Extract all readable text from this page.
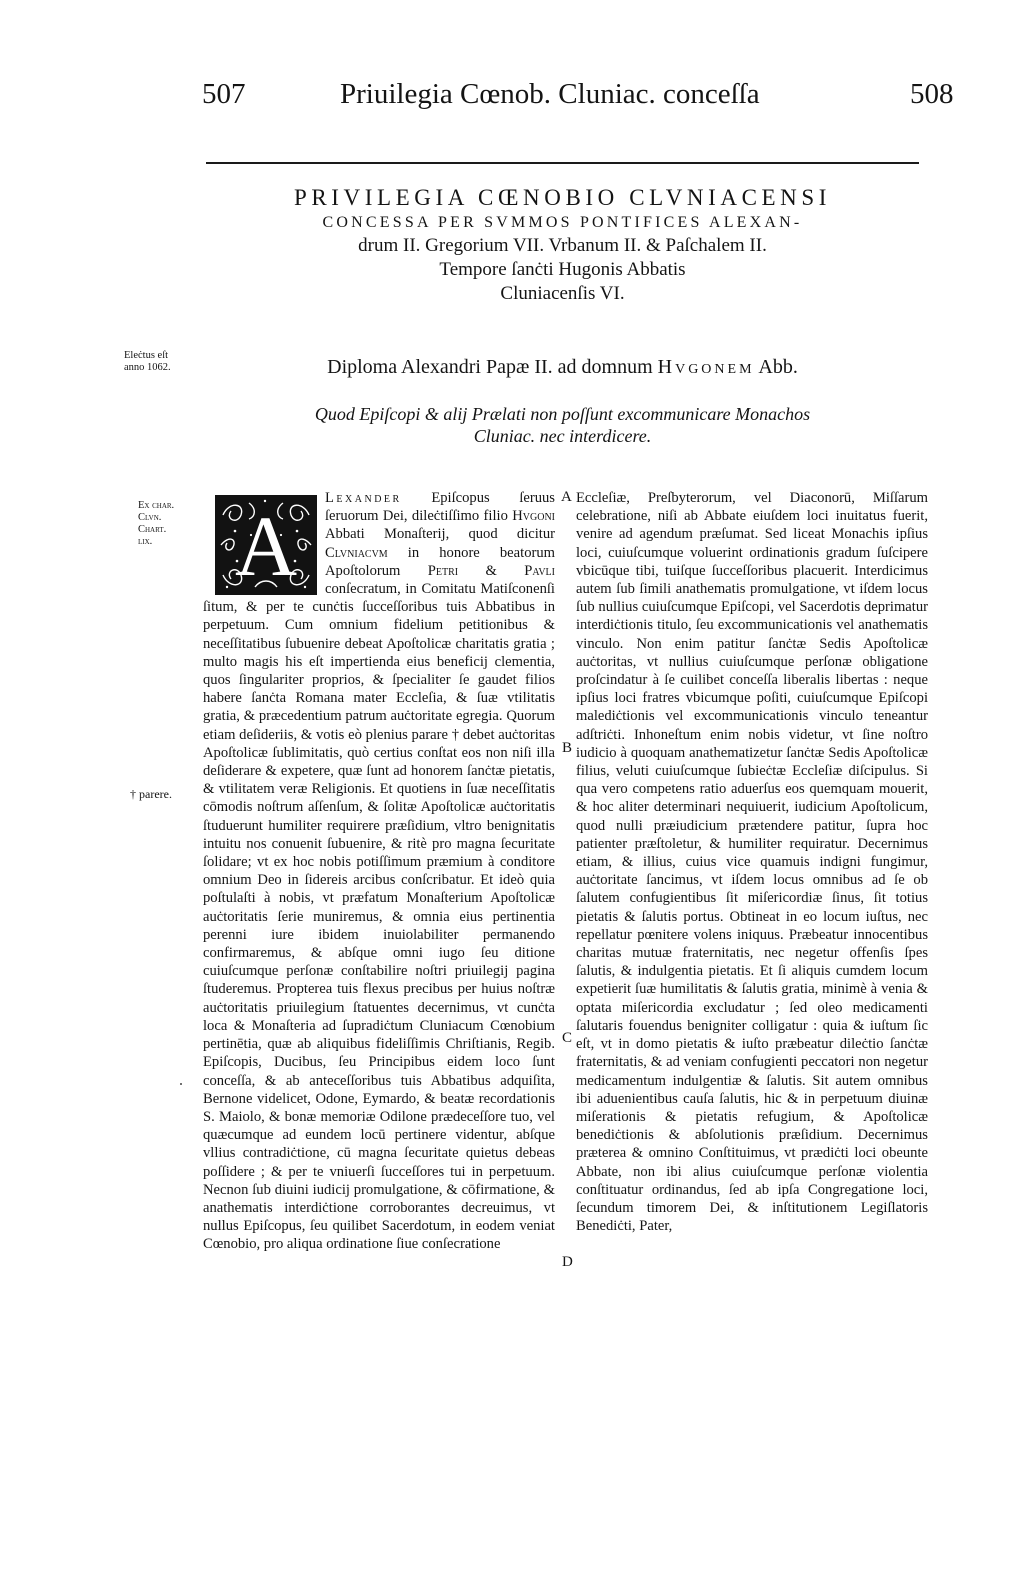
507	Priuilegia Cœnob. Cluniac. conceſſa	508
PRIVILEGIA CŒNOBIO CLVNIACENSI
CONCESSA PER SVMMOS PONTIFICES ALEXAN-
drum II. Gregorium VII. Vrbanum II. & Paſchalem II.
Tempore ſanċti Hugonis Abbatis
Cluniacenſis VI.
Eleċtus eſt
anno 1062.	Diploma Alexandri Papæ II. ad domnum Hvgonem Abb.
Quod Epiſcopi & alij Prælati non poſſunt excommunicare Monachos
Cluniac. nec interdicere.
Ex char.
Clvn.
Chart.
lix.
† parere.
A
B
C
D
A	Lexander Epiſcopus ſeruus ſeruorum Dei, dileċtiſſimo filio Hvgoni Abbati Monaſterij, quod dicitur Clvniacvm in honore beatorum Apoſtolorum Petri & Pavli conſecratum, in Comitatu Matiſconenſi ſitum, & per te cunċtis ſucceſſoribus tuis Abbatibus in perpetuum. Cum omnium fidelium petitionibus & neceſſitatibus ſubuenire debeat Apoſtolicæ charitatis gratia ; multo magis his eſt impertienda eius beneficij clementia, quos ſingulariter proprios, & ſpecialiter ſe gaudet filios habere ſanċta Romana mater Eccleſia, & ſuæ vtilitatis gratia, & præcedentium patrum auċtoritate egregia. Quorum etiam deſideriis, & votis eò plenius parare † debet auċtoritas Apoſtolicæ ſublimitatis, quò certius conſtat eos non niſi illa deſiderare & expetere, quæ ſunt ad honorem ſanċtæ pietatis, & vtilitatem veræ Religionis. Et quotiens in ſuæ neceſſitatis cōmodis noſtrum aſſenſum, & ſolitæ Apoſtolicæ auċtoritatis ſtuduerunt humiliter requirere præſidium, vltro benignitatis intuitu nos conuenit ſubuenire, & ritè pro magna ſecuritate ſolidare; vt ex hoc nobis potiſſimum præmium à conditore omnium Deo in ſidereis arcibus conſcribatur. Et ideò quia poſtulaſti à nobis, vt præfatum Monaſterium Apoſtolicæ auċtoritatis ſerie muniremus, & omnia eius pertinentia perenni iure ibidem inuiolabiliter permanendo confirmaremus, & abſque omni iugo ſeu ditione cuiuſcumque perſonæ conſtabilire noſtri priuilegij pagina ſtuderemus. Propterea tuis flexus precibus per huius noſtræ auċtoritatis priuilegium ſtatuentes decernimus, vt cunċta loca & Monaſteria ad ſupradiċtum Cluniacum Cœnobium pertinētia, quæ ab aliquibus fideliſſimis Chriſtianis, Regib. Epiſcopis, Ducibus, ſeu Principibus eidem loco ſunt conceſſa, & ab anteceſſoribus tuis Abbatibus adquiſita, Bernone videlicet, Odone, Eymardo, & beatæ recordationis S. Maiolo, & bonæ memoriæ Odilone prædeceſſore tuo, vel quæcumque ad eundem locū pertinere videntur, abſque vllius contradiċtione, cū magna ſecuritate quietus debeas poſſidere ; & per te vniuerſi ſucceſſores tui in perpetuum. Necnon ſub diuini iudicij promulgatione, & cōfirmatione, & anathematis interdiċtione corroborantes decreuimus, vt nullus Epiſcopus, ſeu quilibet Sacerdotum, in eodem veniat Cœnobio, pro aliqua ordinatione ſiue conſecratione

Eccleſiæ, Preſbyterorum, vel Diaconorū, Miſſarum celebratione, niſi ab Abbate eiuſdem loci inuitatus fuerit, venire ad agendum præſumat. Sed liceat Monachis ipſius loci, cuiuſcumque voluerint ordinationis gradum ſuſcipere vbicūque tibi, tuiſque ſucceſſoribus placuerit. Interdicimus autem ſub ſimili anathematis promulgatione, vt iſdem locus ſub nullius cuiuſcumque Epiſcopi, vel Sacerdotis deprimatur interdiċtionis titulo, ſeu excommunicationis vel anathematis vinculo. Non enim patitur ſanċtæ Sedis Apoſtolicæ auċtoritas, vt nullius cuiuſcumque perſonæ obligatione proſcindatur à ſe cuilibet conceſſa liberalis libertas : neque ipſius loci fratres vbicumque poſiti, cuiuſcumque Epiſcopi malediċtionis vel excommunicationis vinculo teneantur adſtriċti. Inhoneſtum enim nobis videtur, vt ſine noſtro iudicio à quoquam anathematizetur ſanċtæ Sedis Apoſtolicæ filius, veluti cuiuſcumque ſubieċtæ Eccleſiæ diſcipulus. Si qua vero competens ratio aduerſus eos quemquam mouerit, & hoc aliter determinari nequiuerit, iudicium Apoſtolicum, quod nulli præiudicium prætendere patitur, ſupra hoc patienter præſtoletur, & humiliter requiratur. Decernimus etiam, & illius, cuius vice quamuis indigni fungimur, auċtoritate ſancimus, vt iſdem locus omnibus ad ſe ob ſalutem confugientibus ſit miſericordiæ ſinus, ſit totius pietatis & ſalutis portus. Obtineat in eo locum iuſtus, nec repellatur pœnitere volens iniquus. Præbeatur innocentibus charitas mutuæ fraternitatis, nec negetur offenſis ſpes ſalutis, & indulgentia pietatis. Et ſi aliquis cumdem locum expetierit ſuæ humilitatis & ſalutis gratia, minimè à venia & optata miſericordia excludatur ; ſed oleo medicamenti ſalutaris fouendus benigniter colligatur : quia & iuſtum ſic eſt, vt in domo pietatis & iuſto præbeatur dileċtio ſanċtæ fraternitatis, & ad veniam confugienti peccatori non negetur medicamentum indulgentiæ & ſalutis. Sit autem omnibus ibi aduenientibus cauſa ſalutis, hic & in perpetuum diuinæ miſerationis & pietatis refugium, & Apoſtolicæ benediċtionis & abſolutionis præſidium. Decernimus præterea & omnino Conſtituimus, vt prædiċti loci obeunte Abbate, non ibi alius cuiuſcumque perſonæ violentia conſtituatur ordinandus, ſed ab ipſa Congregatione loci, ſecundum timorem Dei, & inſtitutionem Legiſlatoris Benediċti, Pater,
